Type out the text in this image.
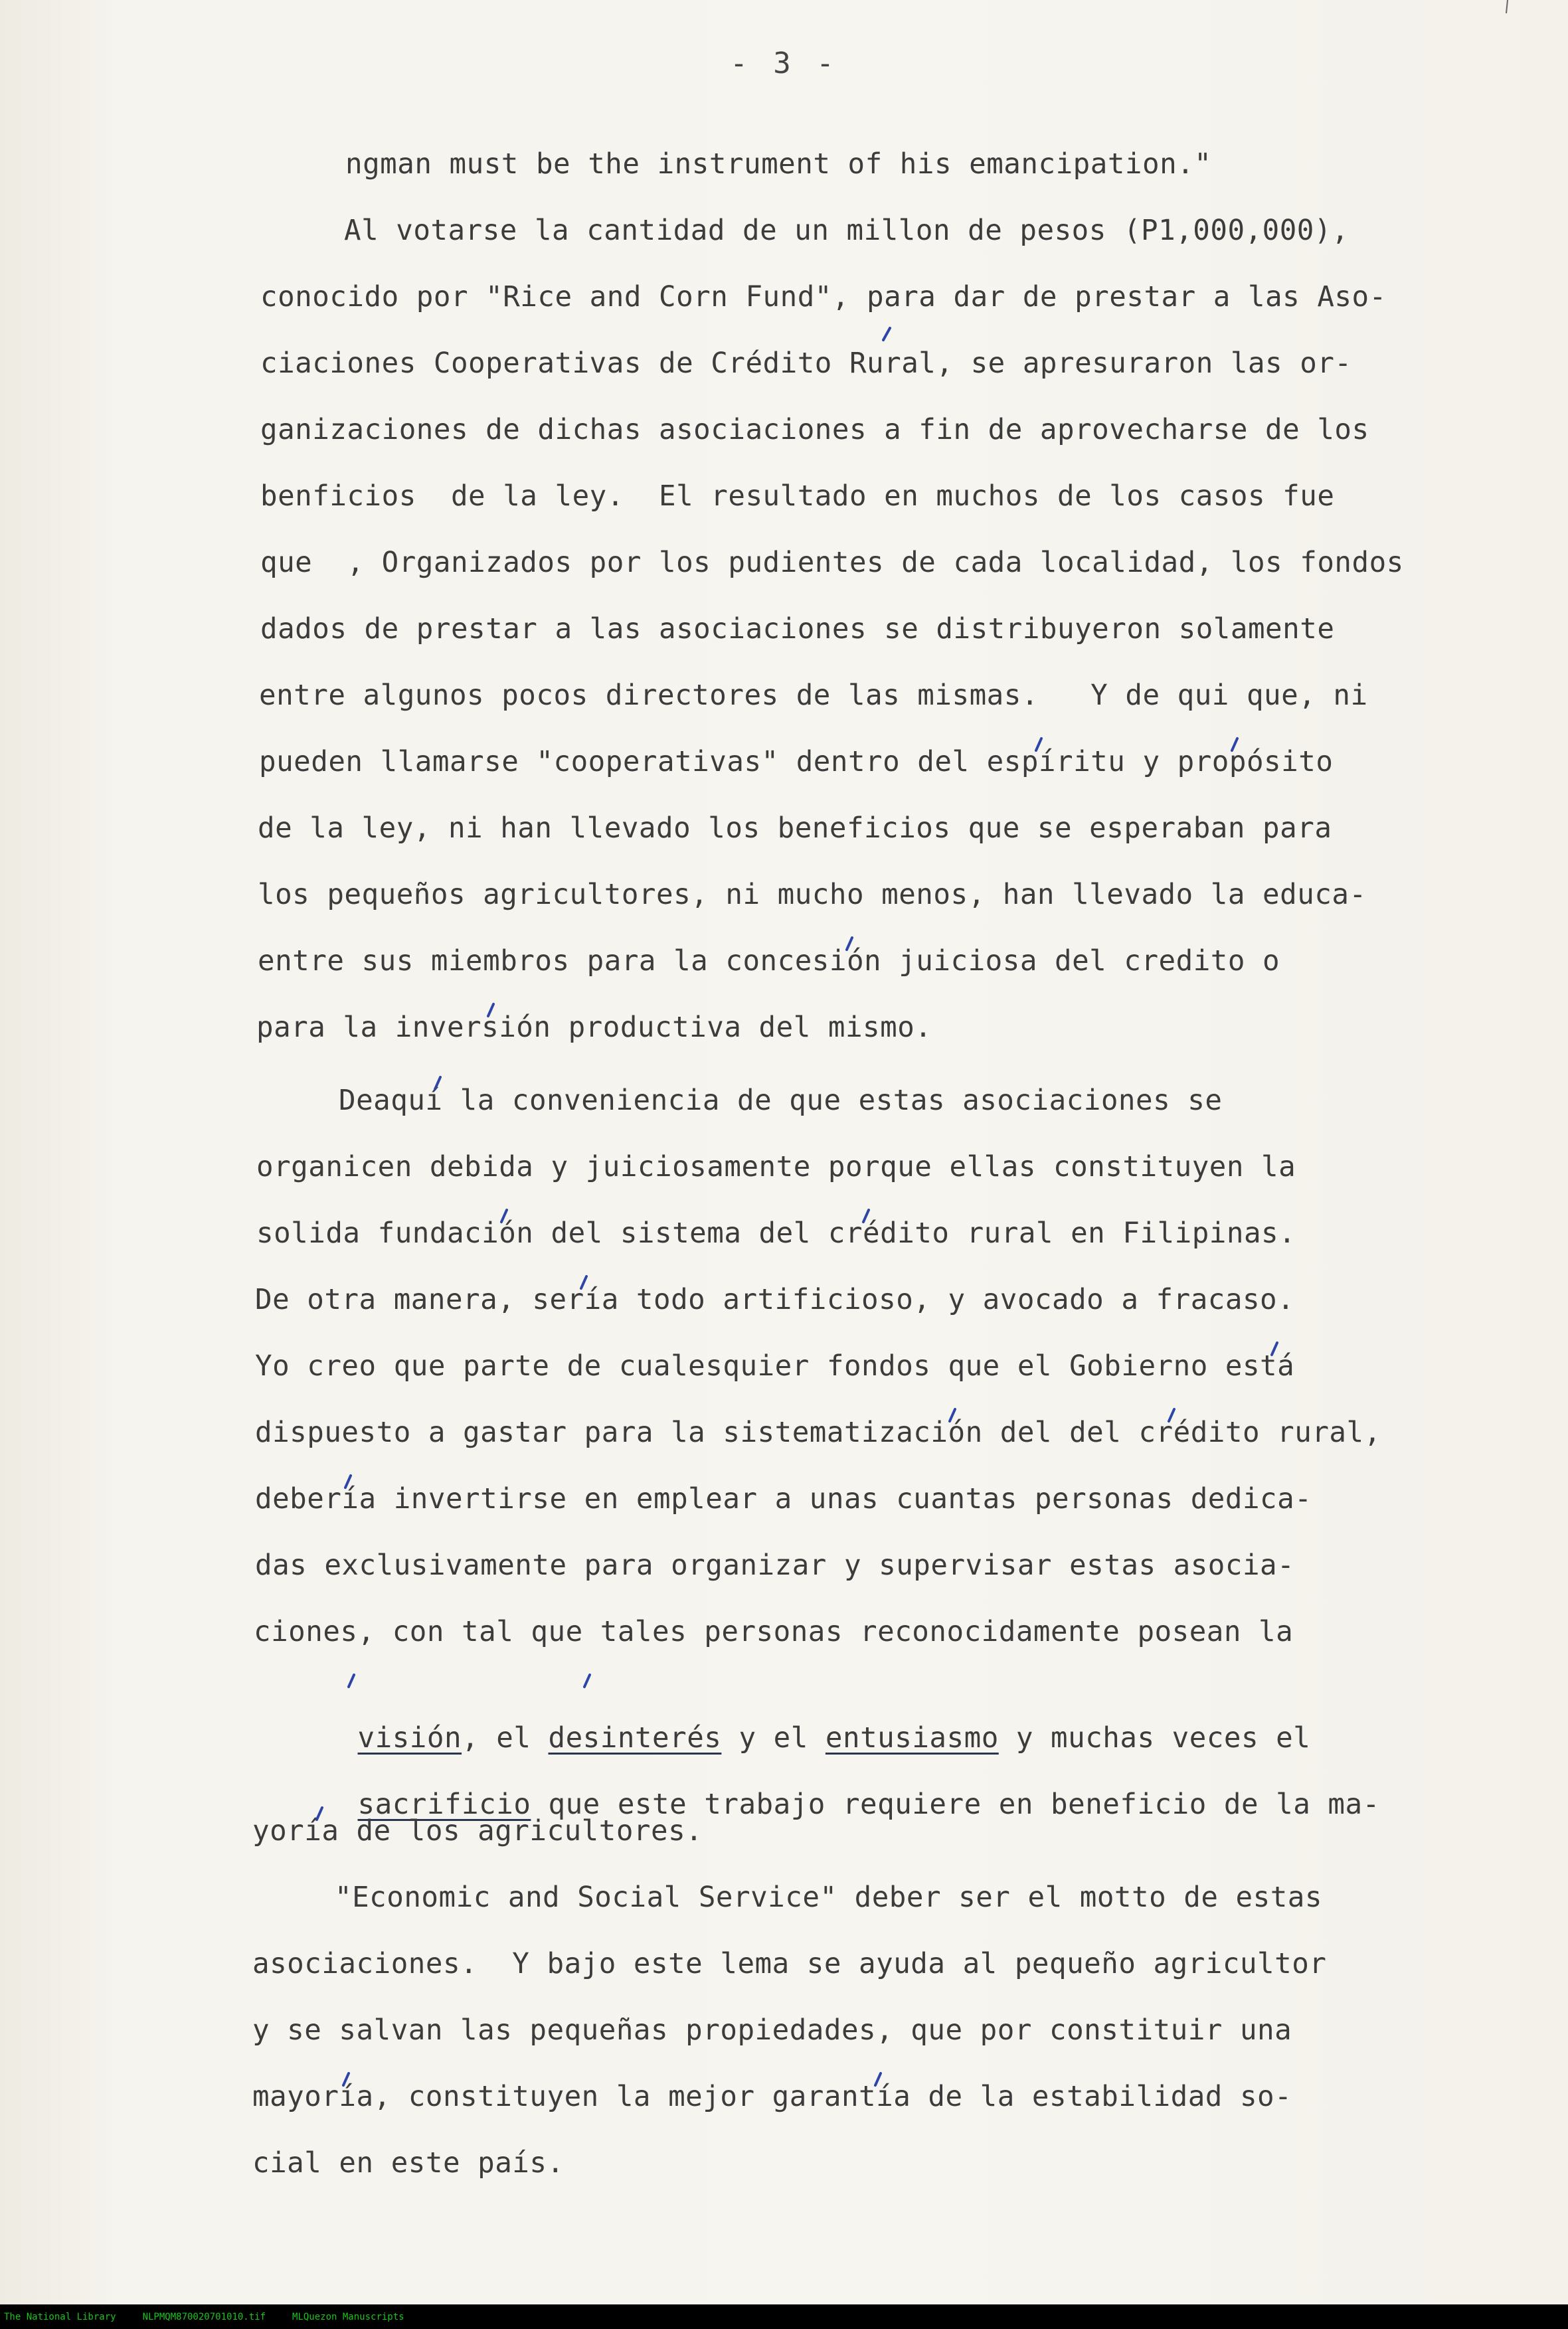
- 3 -
ngman must be the instrument of his emancipation."
Al votarse la cantidad de un millon de pesos (P1,000,000),
conocido por "Rice and Corn Fund", para dar de prestar a las Aso-
ciaciones Cooperativas de Crédito Rural, se apresuraron las or-
ganizaciones de dichas asociaciones a fin de aprovecharse de los
benficios  de la ley.  El resultado en muchos de los casos fue
que  , Organizados por los pudientes de cada localidad, los fondos
dados de prestar a las asociaciones se distribuyeron solamente
entre algunos pocos directores de las mismas.   Y de qui que, ni
pueden llamarse "cooperativas" dentro del espíritu y propósito
de la ley, ni han llevado los beneficios que se esperaban para
los pequeños agricultores, ni mucho menos, han llevado la educa-
entre sus miembros para la concesión juiciosa del credito o
para la inversión productiva del mismo.
Deaquí la conveniencia de que estas asociaciones se
organicen debida y juiciosamente porque ellas constituyen la
solida fundación del sistema del crédito rural en Filipinas.
De otra manera, sería todo artificioso, y avocado a fracaso.
Yo creo que parte de cualesquier fondos que el Gobierno está
dispuesto a gastar para la sistematización del del crédito rural,
debería invertirse en emplear a unas cuantas personas dedica-
das exclusivamente para organizar y supervisar estas asocia-
ciones, con tal que tales personas reconocidamente posean la

visión, el desinterés y el entusiasmo y muchas veces el

sacrificio que este trabajo requiere en beneficio de la ma-

yoría de los agricultores.
"Economic and Social Service" deber ser el motto de estas
asociaciones.  Y bajo este lema se ayuda al pequeño agricultor
y se salvan las pequeñas propiedades, que por constituir una
mayoría, constituyen la mejor garantía de la estabilidad so-
cial en este país.
The National Library	NLPMQM870020701010.tif	MLQuezon Manuscripts
